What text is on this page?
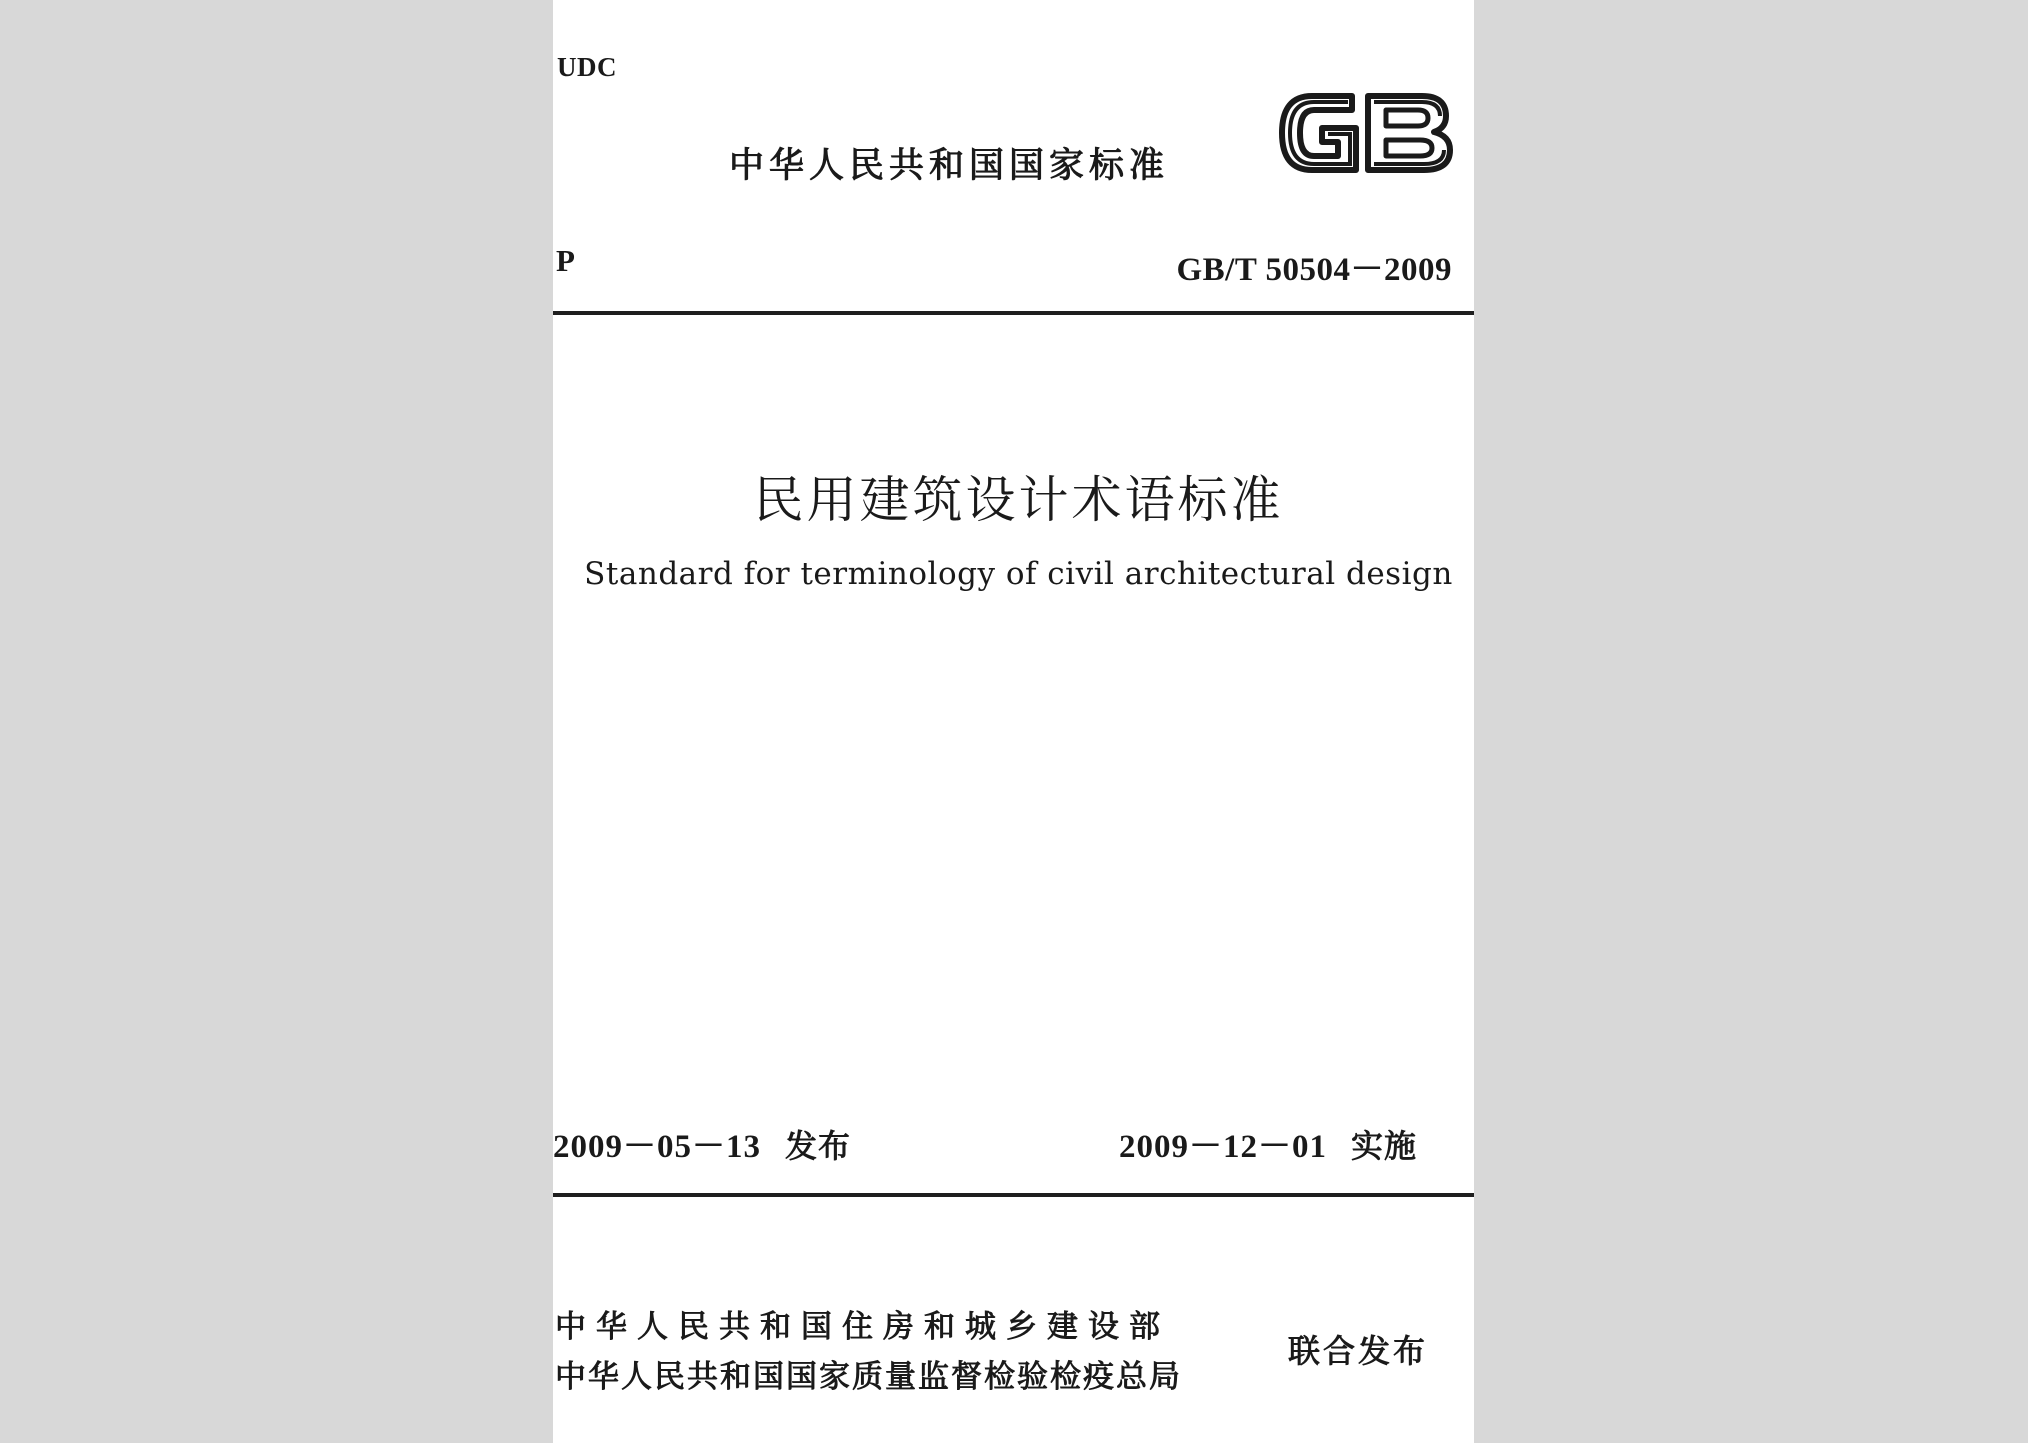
UDC
中华人民共和国国家标准
P	GB/T 50504－2009
民用建筑设计术语标准
Standard for terminology of civil architectural design
2009－05－13 发布	2009－12－01 实施
中华人民共和国住房和城乡建设部
中华人民共和国国家质量监督检验检疫总局
联合发布
